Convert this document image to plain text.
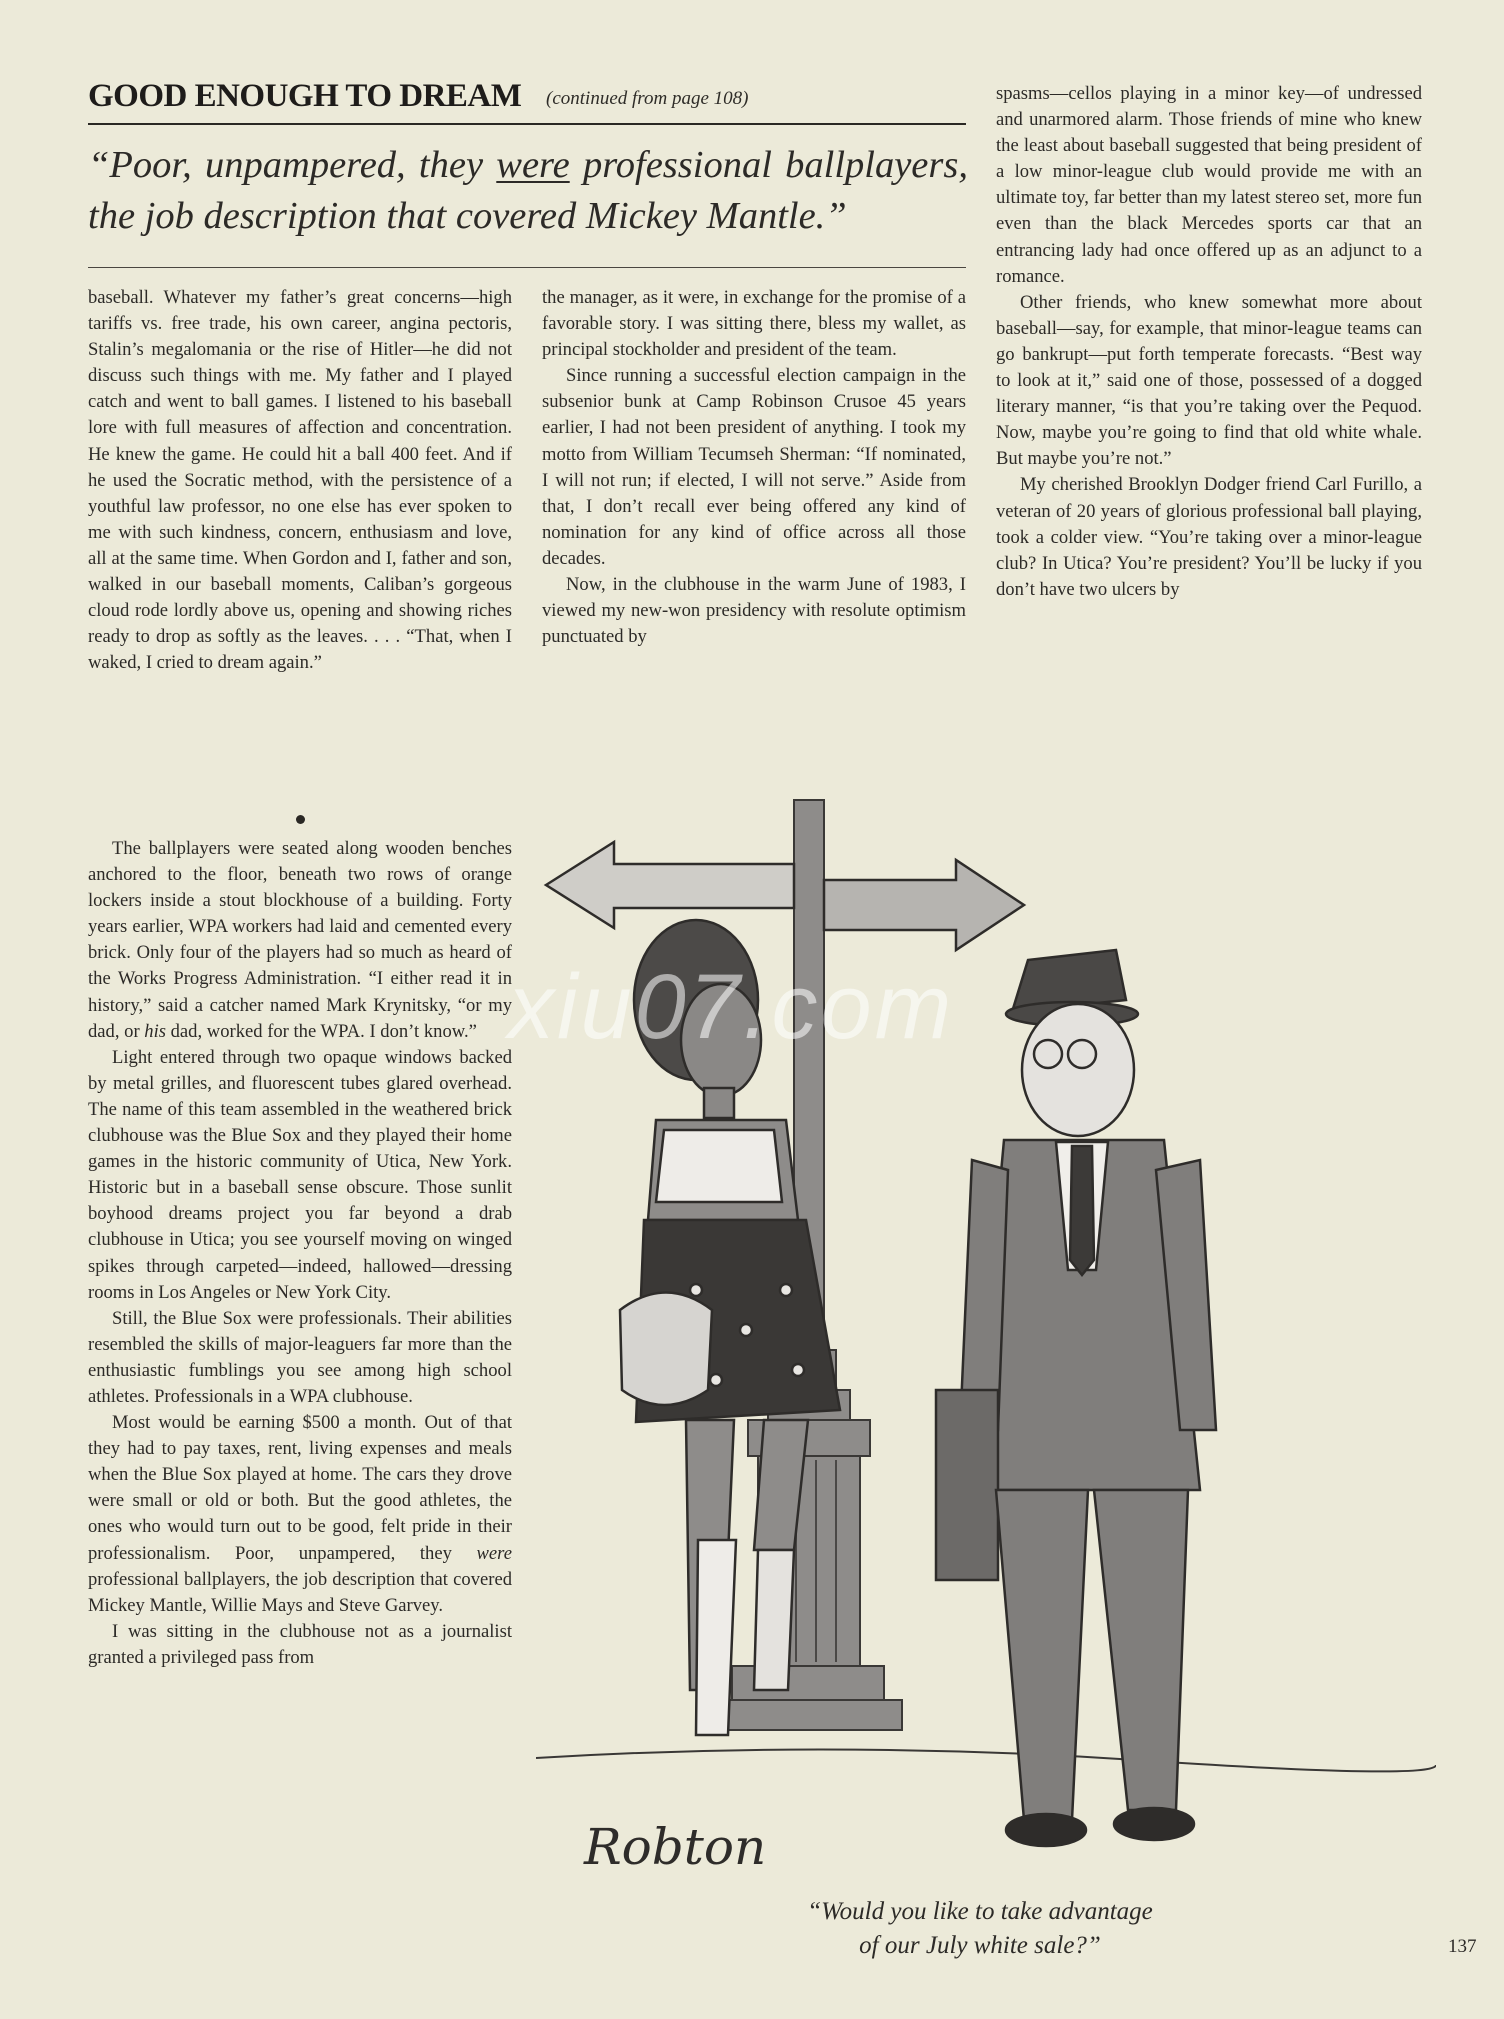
GOOD ENOUGH TO DREAM (continued from page 108)

“Poor, unpampered, they were professional ballplayers, the job description that covered Mickey Mantle.”

baseball. Whatever my father’s great concerns—high tariffs vs. free trade, his own career, angina pectoris, Stalin’s megalomania or the rise of Hitler—he did not discuss such things with me. My father and I played catch and went to ball games. I listened to his baseball lore with full measures of affection and concentration. He knew the game. He could hit a ball 400 feet. And if he used the Socratic method, with the persistence of a youthful law professor, no one else has ever spoken to me with such kindness, concern, enthusiasm and love, all at the same time. When Gordon and I, father and son, walked in our baseball moments, Caliban’s gorgeous cloud rode lordly above us, opening and showing riches ready to drop as softly as the leaves. . . . “That, when I waked, I cried to dream again.”

The ballplayers were seated along wooden benches anchored to the floor, beneath two rows of orange lockers inside a stout blockhouse of a building. Forty years earlier, WPA workers had laid and cemented every brick. Only four of the players had so much as heard of the Works Progress Administration. “I either read it in history,” said a catcher named Mark Krynitsky, “or my dad, or his dad, worked for the WPA. I don’t know.”

Light entered through two opaque windows backed by metal grilles, and fluorescent tubes glared overhead. The name of this team assembled in the weathered brick clubhouse was the Blue Sox and they played their home games in the historic community of Utica, New York. Historic but in a baseball sense obscure. Those sunlit boyhood dreams project you far beyond a drab clubhouse in Utica; you see yourself moving on winged spikes through carpeted—indeed, hallowed—dressing rooms in Los Angeles or New York City.

Still, the Blue Sox were professionals. Their abilities resembled the skills of major-leaguers far more than the enthusiastic fumblings you see among high school athletes. Professionals in a WPA clubhouse.

Most would be earning $500 a month. Out of that they had to pay taxes, rent, living expenses and meals when the Blue Sox played at home. The cars they drove were small or old or both. But the good athletes, the ones who would turn out to be good, felt pride in their professionalism. Poor, unpampered, they were professional ballplayers, the job description that covered Mickey Mantle, Willie Mays and Steve Garvey.

I was sitting in the clubhouse not as a journalist granted a privileged pass from

the manager, as it were, in exchange for the promise of a favorable story. I was sitting there, bless my wallet, as principal stockholder and president of the team.

Since running a successful election campaign in the subsenior bunk at Camp Robinson Crusoe 45 years earlier, I had not been president of anything. I took my motto from William Tecumseh Sherman: “If nominated, I will not run; if elected, I will not serve.” Aside from that, I don’t recall ever being offered any kind of nomination for any kind of office across all those decades.

Now, in the clubhouse in the warm June of 1983, I viewed my new-won presidency with resolute optimism punctuated by

spasms—cellos playing in a minor key—of undressed and unarmored alarm. Those friends of mine who knew the least about baseball suggested that being president of a low minor-league club would provide me with an ultimate toy, far better than my latest stereo set, more fun even than the black Mercedes sports car that an entrancing lady had once offered up as an adjunct to a romance.

Other friends, who knew somewhat more about baseball—say, for example, that minor-league teams can go bankrupt—put forth temperate forecasts. “Best way to look at it,” said one of those, possessed of a dogged literary manner, “is that you’re taking over the Pequod. Now, maybe you’re going to find that old white whale. But maybe you’re not.”

My cherished Brooklyn Dodger friend Carl Furillo, a veteran of 20 years of glorious professional ball playing, took a colder view. “You’re taking over a minor-league club? In Utica? You’re president? You’ll be lucky if you don’t have two ulcers by

Robton
“Would you like to take advantage
of our July white sale?”	137
xiu07.com
